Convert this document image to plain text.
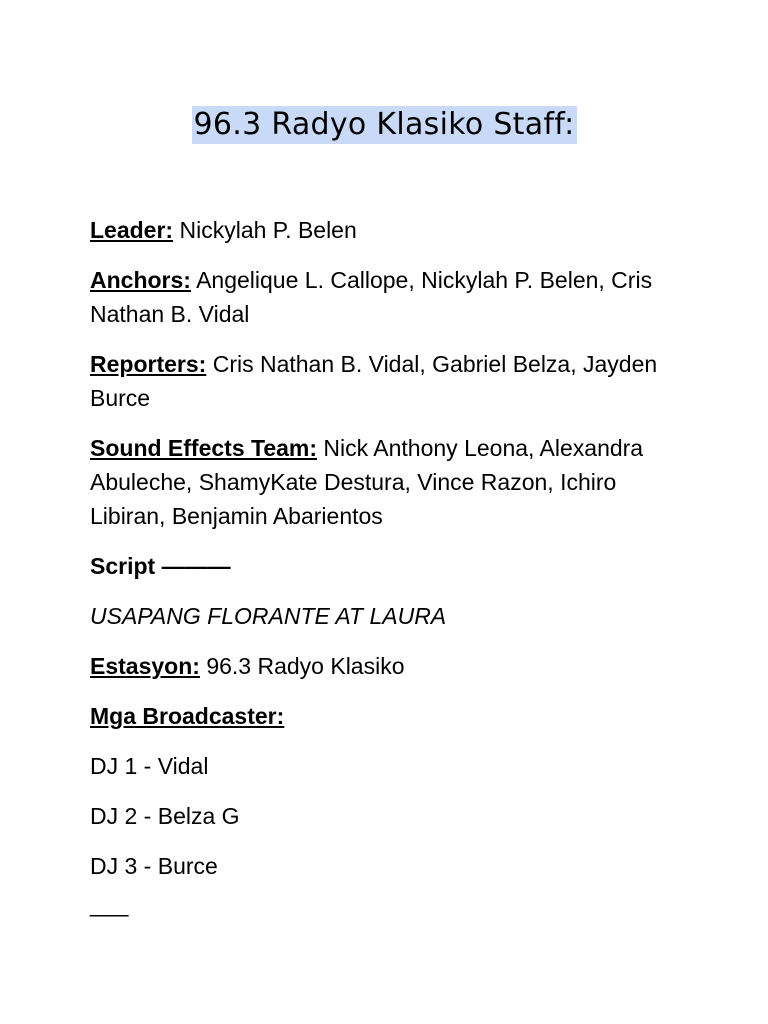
96.3 Radyo Klasiko Staff:

Leader: Nickylah P. Belen

Anchors: Angelique L. Callope, Nickylah P. Belen, Cris Nathan B. Vidal

Reporters: Cris Nathan B. Vidal, Gabriel Belza, Jayden Burce

Sound Effects Team: Nick Anthony Leona, Alexandra Abuleche, ShamyKate Destura, Vince Razon, Ichiro Libiran, Benjamin Abarientos

Script ———

USAPANG FLORANTE AT LAURA

Estasyon: 96.3 Radyo Klasiko

Mga Broadcaster:

DJ 1 - Vidal

DJ 2 - Belza G

DJ 3 - Burce

___
